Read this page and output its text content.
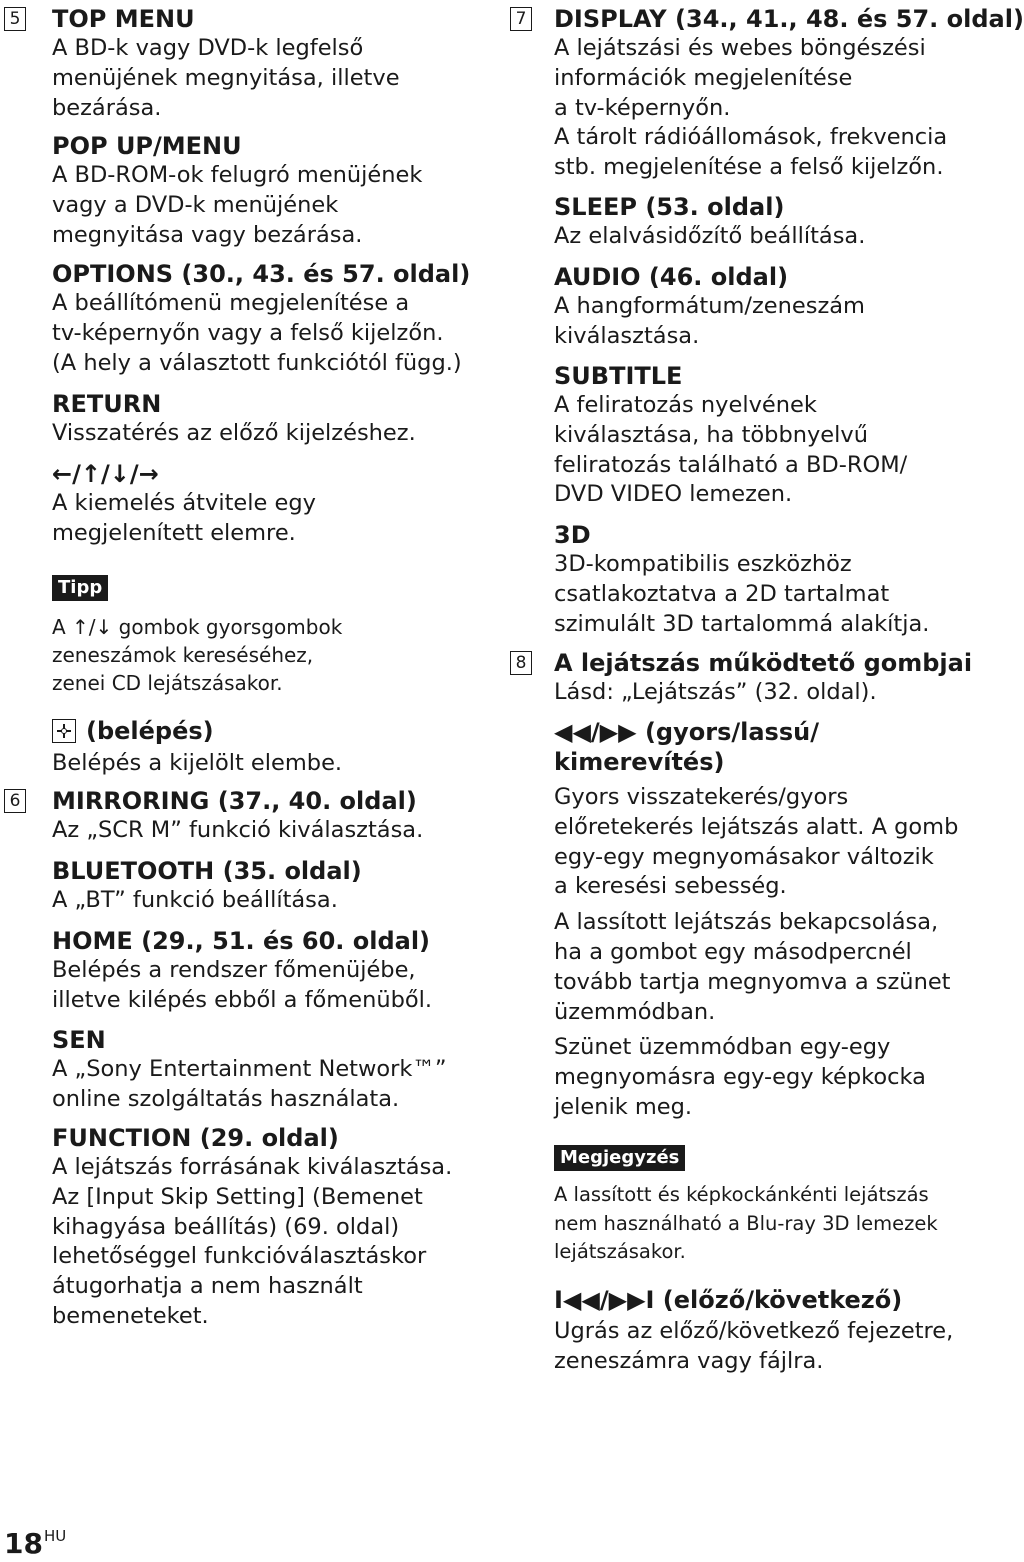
5 TOP MENU
A BD-k vagy DVD-k legfelső
menüjének megnyitása, illetve
bezárása.
POP UP/MENU
A BD-ROM-ok felugró menüjének
vagy a DVD-k menüjének
megnyitása vagy bezárása.
OPTIONS (30., 43. és 57. oldal)
A beállítómenü megjelenítése a
tv-képernyőn vagy a felső kijelzőn.
(A hely a választott funkciótól függ.)
RETURN
Visszatérés az előző kijelzéshez.
←/↑/↓/→
A kiemelés átvitele egy
megjelenített elemre.
Tipp
A ↑/↓ gombok gyorsgombok
zeneszámok kereséséhez,
zenei CD lejátszásakor.
(belépés)
Belépés a kijelölt elembe.
6 MIRRORING (37., 40. oldal)
Az „SCR M” funkció kiválasztása.
BLUETOOTH (35. oldal)
A „BT” funkció beállítása.
HOME (29., 51. és 60. oldal)
Belépés a rendszer főmenüjébe,
illetve kilépés ebből a főmenüből.
SEN
A „Sony Entertainment Network™”
online szolgáltatás használata.
FUNCTION (29. oldal)
A lejátszás forrásának kiválasztása.
Az [Input Skip Setting] (Bemenet
kihagyása beállítás) (69. oldal)
lehetőséggel funkcióválasztáskor
átugorhatja a nem használt
bemeneteket.
7 DISPLAY (34., 41., 48. és 57. oldal)
A lejátszási és webes böngészési
információk megjelenítése
a tv-képernyőn.
A tárolt rádióállomások, frekvencia
stb. megjelenítése a felső kijelzőn.
SLEEP (53. oldal)
Az elalvásidőzítő beállítása.
AUDIO (46. oldal)
A hangformátum/zeneszám
kiválasztása.
SUBTITLE
A feliratozás nyelvének
kiválasztása, ha többnyelvű
feliratozás található a BD-ROM/
DVD VIDEO lemezen.
3D
3D-kompatibilis eszközhöz
csatlakoztatva a 2D tartalmat
szimulált 3D tartalommá alakítja.
8 A lejátszás működtető gombjai
Lásd: „Lejátszás” (32. oldal).
◀◀/▶▶ (gyors/lassú/
kimerevítés)
Gyors visszatekerés/gyors
előretekerés lejátszás alatt. A gomb
egy-egy megnyomásakor változik
a keresési sebesség.
A lassított lejátszás bekapcsolása,
ha a gombot egy másodpercnél
tovább tartja megnyomva a szünet
üzemmódban.
Szünet üzemmódban egy-egy
megnyomásra egy-egy képkocka
jelenik meg.
Megjegyzés
A lassított és képkockánkénti lejátszás
nem használható a Blu-ray 3D lemezek
lejátszásakor.
I◀◀/▶▶I (előző/következő)
Ugrás az előző/következő fejezetre,
zeneszámra vagy fájlra.
$18^{HU}$
